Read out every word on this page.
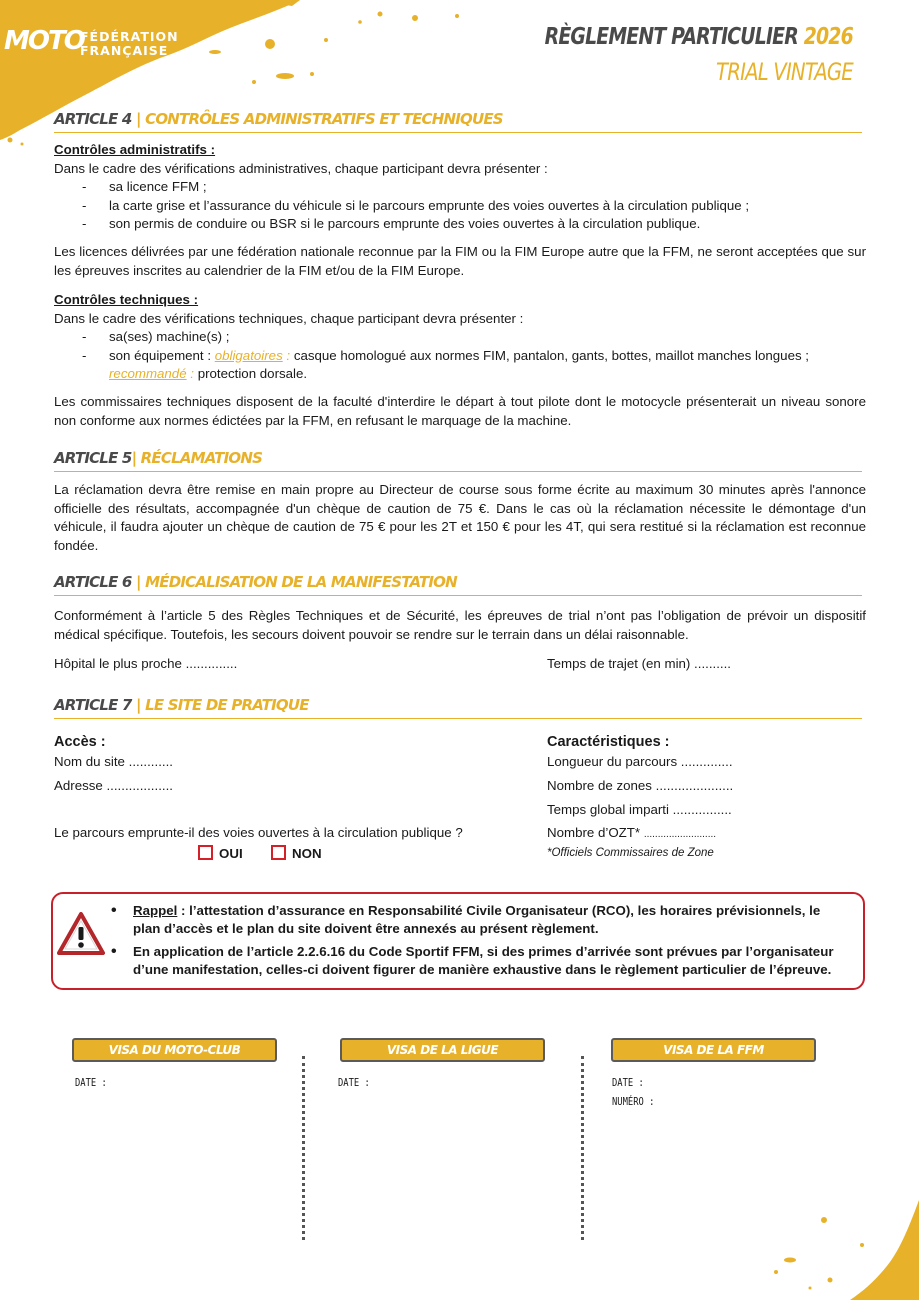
MOTO
FÉDÉRATION
FRANÇAISE
RÈGLEMENT PARTICULIER 2026
TRIAL VINTAGE
ARTICLE 4 | CONTRÔLES ADMINISTRATIFS ET TECHNIQUES
Contrôles administratifs :
Dans le cadre des vérifications administratives, chaque participant devra présenter :
- sa licence FFM ;
- la carte grise et l’assurance du véhicule si le parcours emprunte des voies ouvertes à la circulation publique ;
- son permis de conduire ou BSR si le parcours emprunte des voies ouvertes à la circulation publique.
Les licences délivrées par une fédération nationale reconnue par la FIM ou la FIM Europe autre que la FFM, ne seront acceptées que sur les épreuves inscrites au calendrier de la FIM et/ou de la FIM Europe.
Contrôles techniques :
Dans le cadre des vérifications techniques, chaque participant devra présenter :
- sa(ses) machine(s) ;
- son équipement : obligatoires : casque homologué aux normes FIM, pantalon, gants, bottes, maillot manches longues ;
recommandé : protection dorsale.
Les commissaires techniques disposent de la faculté d'interdire le départ à tout pilote dont le motocycle présenterait un niveau sonore non conforme aux normes édictées par la FFM, en refusant le marquage de la machine.
ARTICLE 5| RÉCLAMATIONS
La réclamation devra être remise en main propre au Directeur de course sous forme écrite au maximum 30 minutes après l'annonce officielle des résultats, accompagnée d'un chèque de caution de 75 €. Dans le cas où la réclamation nécessite le démontage d'un véhicule, il faudra ajouter un chèque de caution de 75 € pour les 2T et 150 € pour les 4T, qui sera restitué si la réclamation est reconnue fondée.
ARTICLE 6 | MÉDICALISATION DE LA MANIFESTATION
Conformément à l’article 5 des Règles Techniques et de Sécurité, les épreuves de trial n’ont pas l’obligation de prévoir un dispositif médical spécifique. Toutefois, les secours doivent pouvoir se rendre sur le terrain dans un délai raisonnable.
Hôpital le plus proche ..............	Temps de trajet (en min) ..........
ARTICLE 7 | LE SITE DE PRATIQUE
Accès :
Nom du site ............
Adresse ..................
Le parcours emprunte-il des voies ouvertes à la circulation publique ?
OUI	NON
Caractéristiques :
Longueur du parcours ..............
Nombre de zones .....................
Temps global imparti ................
Nombre d’OZT* ..........................
*Officiels Commissaires de Zone
• Rappel : l’attestation d’assurance en Responsabilité Civile Organisateur (RCO), les horaires prévisionnels, le plan d’accès et le plan du site doivent être annexés au présent règlement.
• En application de l’article 2.2.6.16 du Code Sportif FFM, si des primes d’arrivée sont prévues par l’organisateur d’une manifestation, celles-ci doivent figurer de manière exhaustive dans le règlement particulier de l’épreuve.
VISA DU MOTO-CLUB	VISA DE LA LIGUE	VISA DE LA FFM
DATE :	DATE :	DATE :
NUMÉRO :
